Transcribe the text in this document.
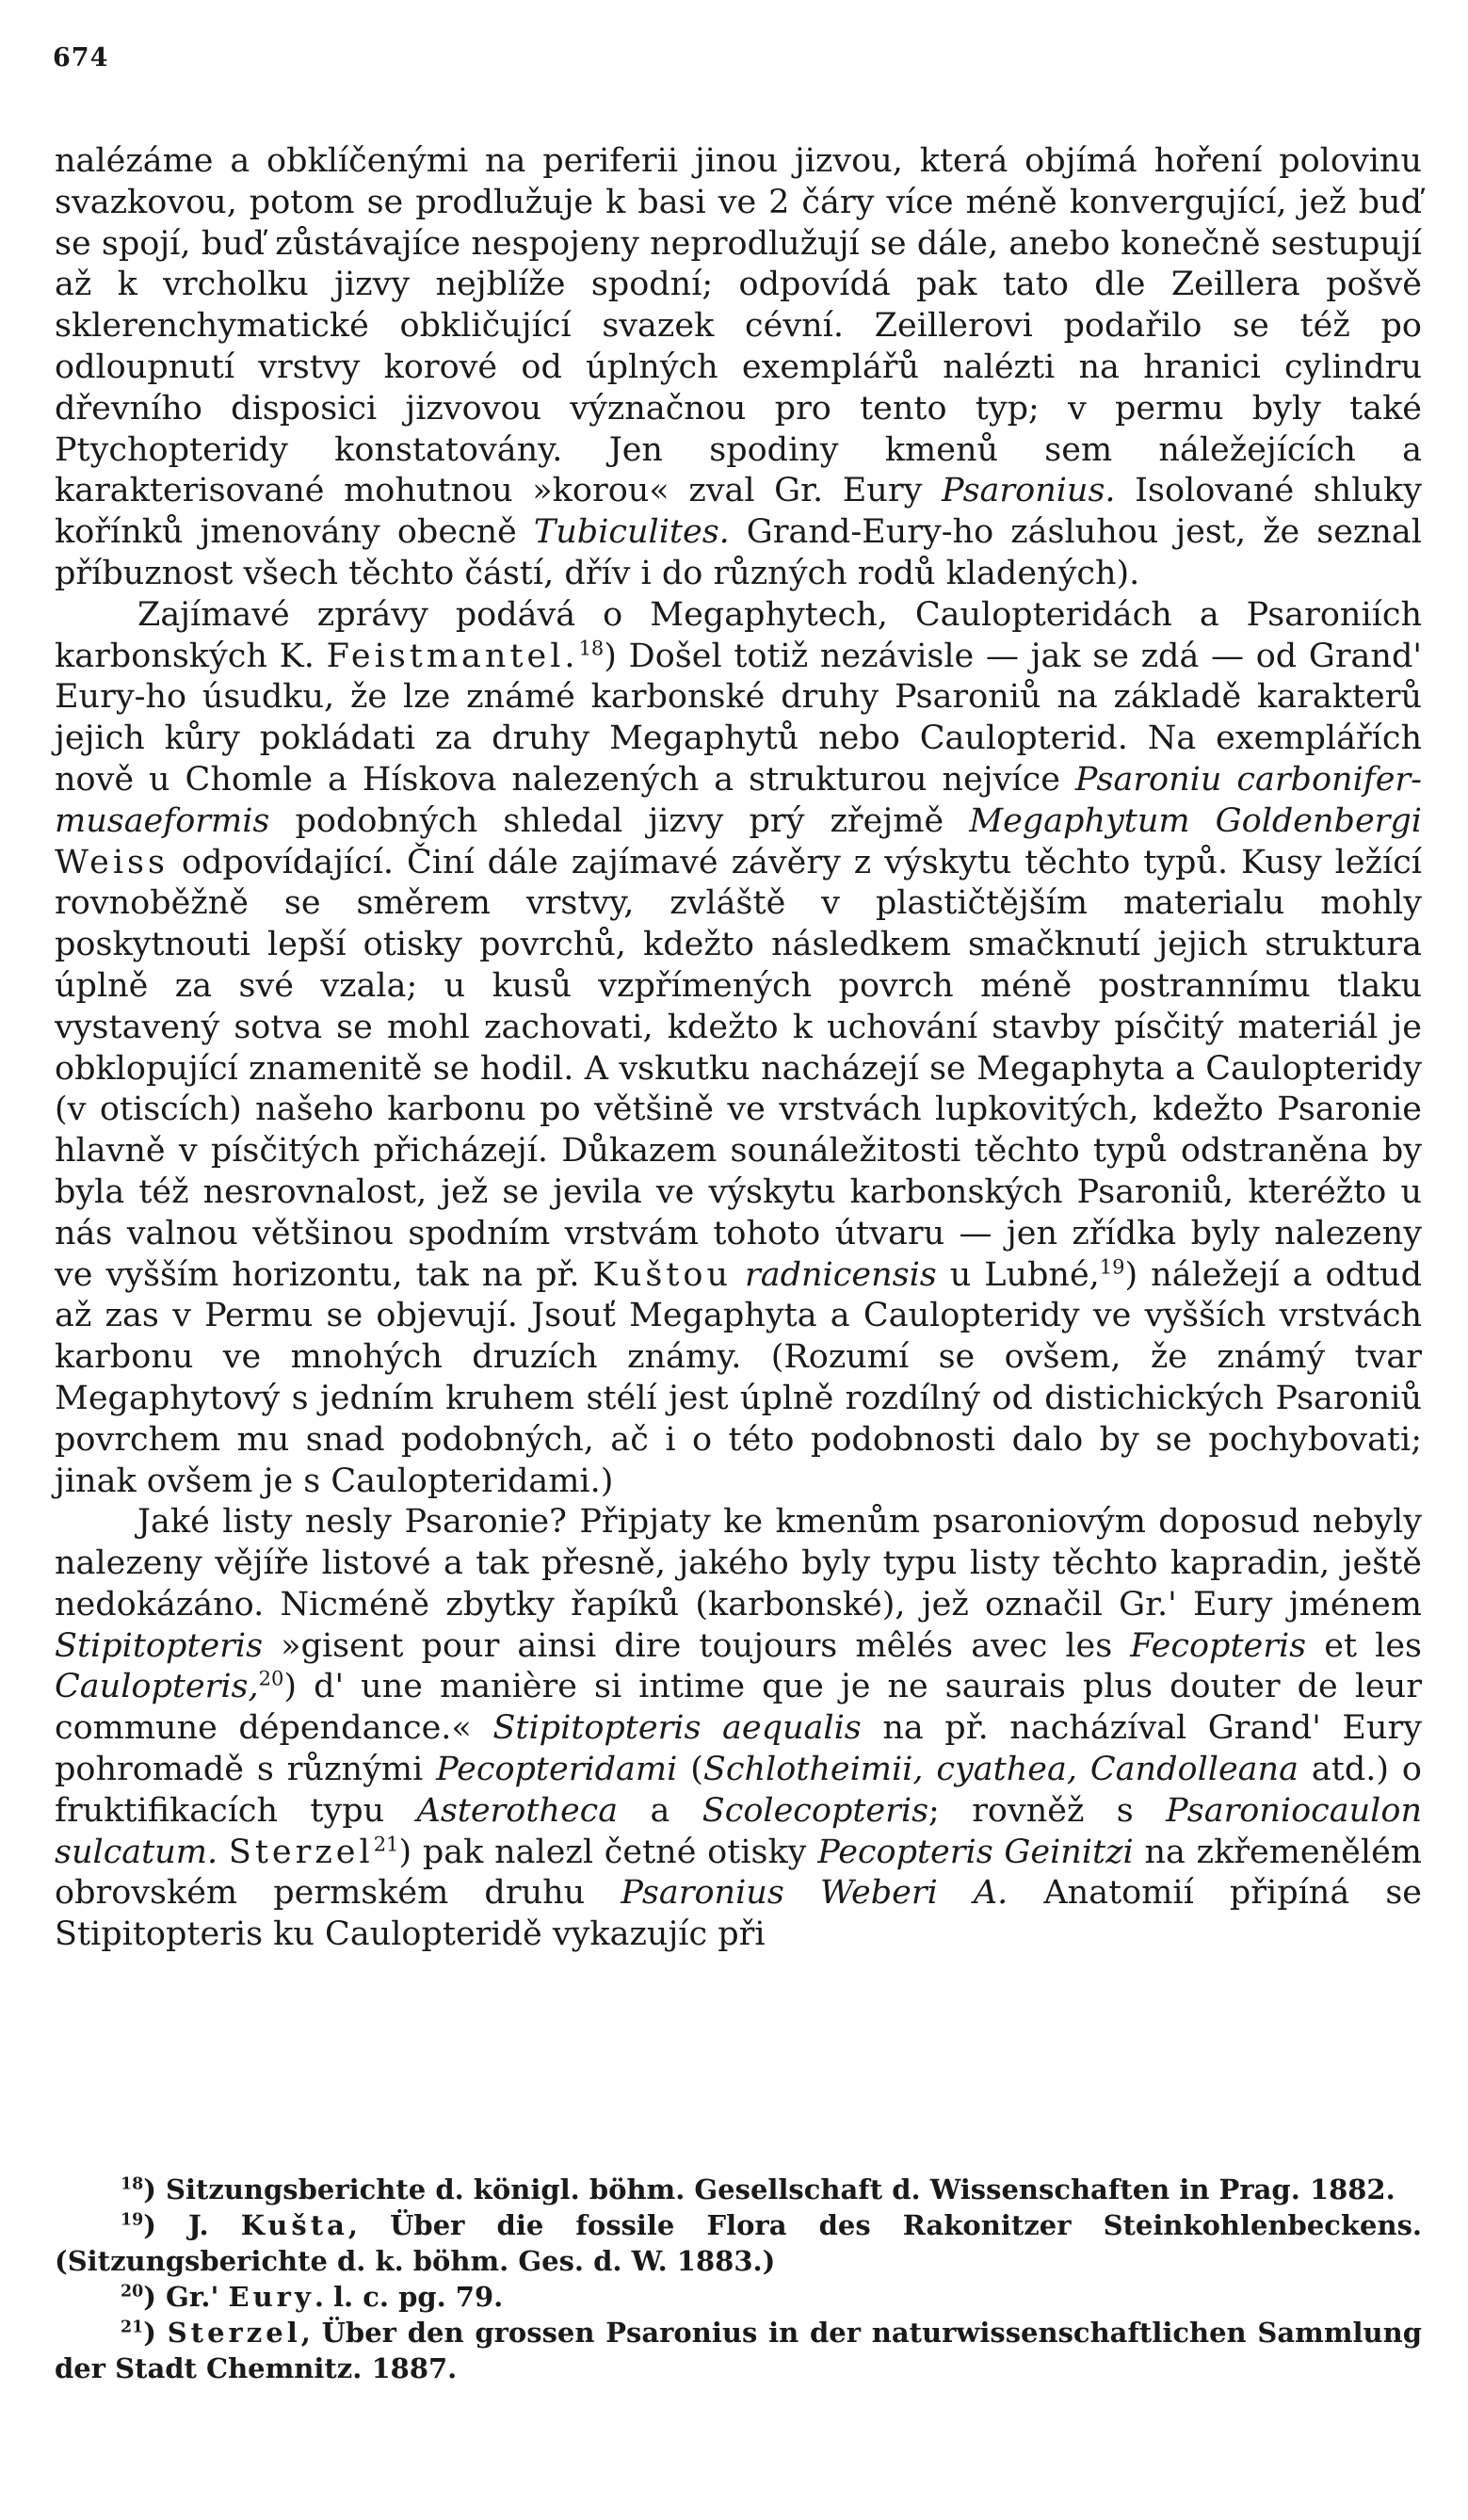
674

nalézáme a obklíčenými na periferii jinou jizvou, která objímá hoření polovinu svazkovou, potom se prodlužuje k basi ve 2 čáry více méně konvergující, jež buď se spojí, buď zůstávajíce nespojeny neprodlužují se dále, anebo konečně sestupují až k vrcholku jizvy nejblíže spodní; odpovídá pak tato dle Zeillera pošvě sklerenchymatické obkličující svazek cévní. Zeillerovi podařilo se též po odloupnutí vrstvy korové od úplných exemplářů nalézti na hranici cylindru dřevního disposici jizvovou význačnou pro tento typ; v permu byly také Ptychopteridy konstatovány. Jen spodiny kmenů sem náležejících a karakterisované mohutnou »korou« zval Gr. Eury Psaronius. Isolované shluky kořínků jmenovány obecně Tubiculites. Grand-Eury-ho zásluhou jest, že seznal příbuznost všech těchto částí, dřív i do různých rodů kladených).

Zajímavé zprávy podává o Megaphytech, Caulopteridách a Psaroniích karbonských K. Feistmantel.$^{18}$) Došel totiž nezávisle — jak se zdá — od Grand' Eury-ho úsudku, že lze známé karbonské druhy Psaroniů na základě karakterů jejich kůry pokládati za druhy Megaphytů nebo Caulopterid. Na exemplářích nově u Chomle a Hískova nalezených a strukturou nejvíce Psaroniu carbonifer-musaeformis podobných shledal jizvy prý zřejmě Megaphytum Goldenbergi Weiss odpovídající. Činí dále zajímavé závěry z výskytu těchto typů. Kusy ležící rovnoběžně se směrem vrstvy, zvláště v plastičtějším materialu mohly poskytnouti lepší otisky povrchů, kdežto následkem smačknutí jejich struktura úplně za své vzala; u kusů vzpřímených povrch méně postrannímu tlaku vystavený sotva se mohl zachovati, kdežto k uchování stavby písčitý materiál je obklopující znamenitě se hodil. A vskutku nacházejí se Megaphyta a Caulopteridy (v otiscích) našeho karbonu po většině ve vrstvách lupkovitých, kdežto Psaronie hlavně v písčitých přicházejí. Důkazem sounáležitosti těchto typů odstraněna by byla též nesrovnalost, jež se jevila ve výskytu karbonských Psaroniů, kteréžto u nás valnou většinou spodním vrstvám tohoto útvaru — jen zřídka byly nalezeny ve vyšším horizontu, tak na př. Kuštou radnicensis u Lubné,$^{19}$) náležejí a odtud až zas v Permu se objevují. Jsouť Megaphyta a Caulopteridy ve vyšších vrstvách karbonu ve mnohých druzích známy. (Rozumí se ovšem, že známý tvar Megaphytový s jedním kruhem stélí jest úplně rozdílný od distichických Psaroniů povrchem mu snad podobných, ač i o této podobnosti dalo by se pochybovati; jinak ovšem je s Caulopteridami.)

Jaké listy nesly Psaronie? Připjaty ke kmenům psaroniovým doposud nebyly nalezeny vějíře listové a tak přesně, jakého byly typu listy těchto kapradin, ještě nedokázáno. Nicméně zbytky řapíků (karbonské), jež označil Gr.' Eury jménem Stipitopteris »gisent pour ainsi dire toujours mêlés avec les Fecopteris et les Caulopteris,$^{20}$) d' une manière si intime que je ne saurais plus douter de leur commune dépendance.« Stipitopteris aequalis na př. nacházíval Grand' Eury pohromadě s různými Pecopteridami (Schlotheimii, cyathea, Candolleana atd.) o fruktifikacích typu Asterotheca a Scolecopteris; rovněž s Psaroniocaulon sulcatum. Sterzel$^{21}$) pak nalezl četné otisky Pecopteris Geinitzi na zkřemenělém obrovském permském druhu Psaronius Weberi A. Anatomií připíná se Stipitopteris ku Caulopteridě vykazujíc při

$^{18}$) Sitzungsberichte d. königl. böhm. Gesellschaft d. Wissenschaften in Prag. 1882.

$^{19}$) J. Kušta, Über die fossile Flora des Rakonitzer Steinkohlenbeckens. (Sitzungsberichte d. k. böhm. Ges. d. W. 1883.)

$^{20}$) Gr.' Eury. l. c. pg. 79.

$^{21}$) Sterzel, Über den grossen Psaronius in der naturwissenschaftlichen Sammlung der Stadt Chemnitz. 1887.
